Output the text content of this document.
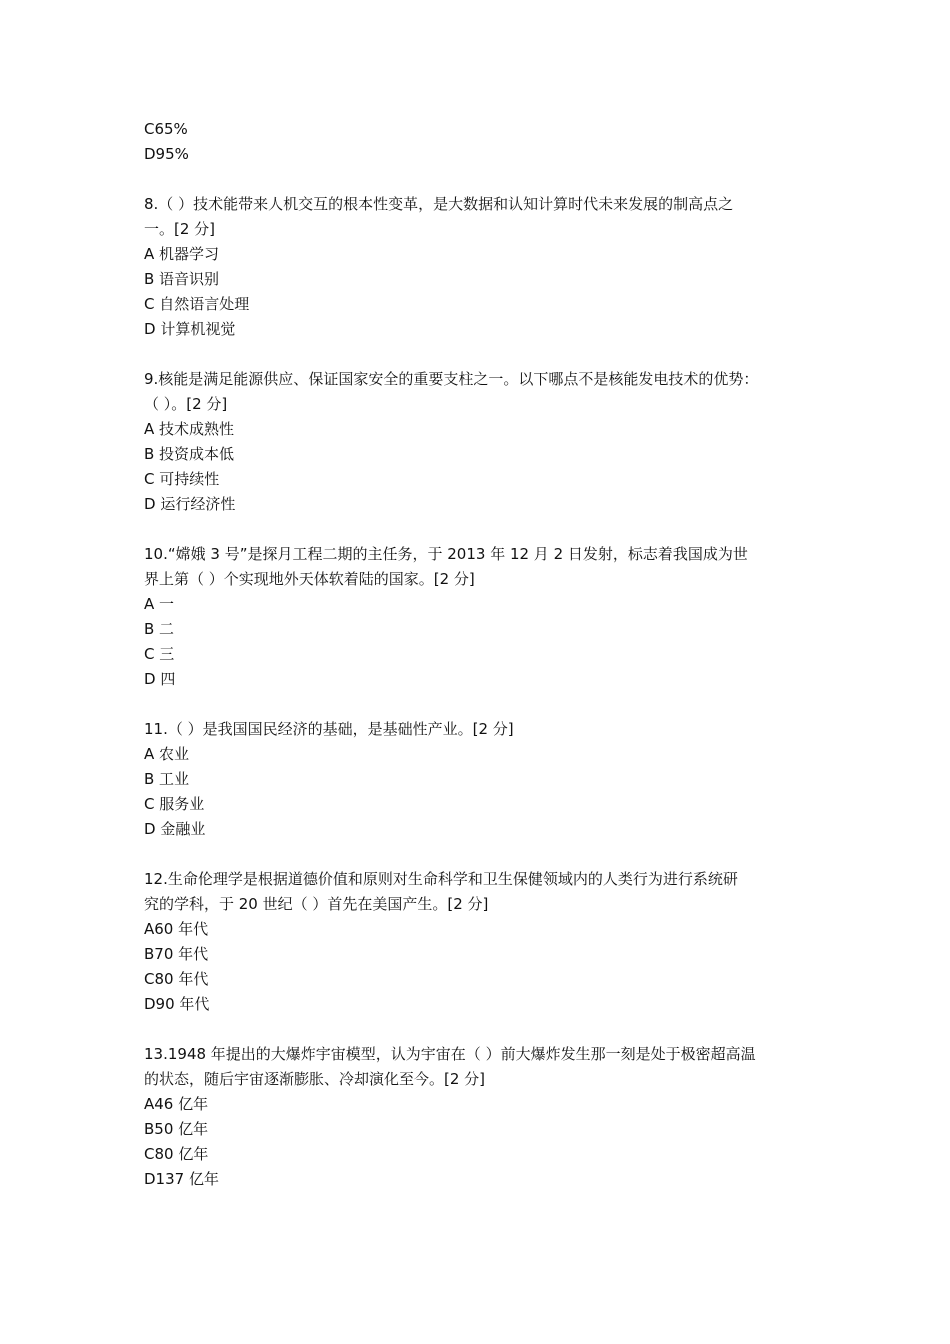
C65%
D95%
8.（ ）技术能带来人机交互的根本性变革，是大数据和认知计算时代未来发展的制高点之
一。[2 分]
A 机器学习
B 语音识别
C 自然语言处理
D 计算机视觉
9.核能是满足能源供应、保证国家安全的重要支柱之一。以下哪点不是核能发电技术的优势：
（ ）。[2 分]
A 技术成熟性
B 投资成本低
C 可持续性
D 运行经济性
10.“嫦娥 3 号”是探月工程二期的主任务，于 2013 年 12 月 2 日发射，标志着我国成为世
界上第（ ）个实现地外天体软着陆的国家。[2 分]
A 一
B 二
C 三
D 四
11.（ ）是我国国民经济的基础，是基础性产业。[2 分]
A 农业
B 工业
C 服务业
D 金融业
12.生命伦理学是根据道德价值和原则对生命科学和卫生保健领域内的人类行为进行系统研
究的学科，于 20 世纪（ ）首先在美国产生。[2 分]
A60 年代
B70 年代
C80 年代
D90 年代
13.1948 年提出的大爆炸宇宙模型，认为宇宙在（ ）前大爆炸发生那一刻是处于极密超高温
的状态，随后宇宙逐渐膨胀、冷却演化至今。[2 分]
A46 亿年
B50 亿年
C80 亿年
D137 亿年
